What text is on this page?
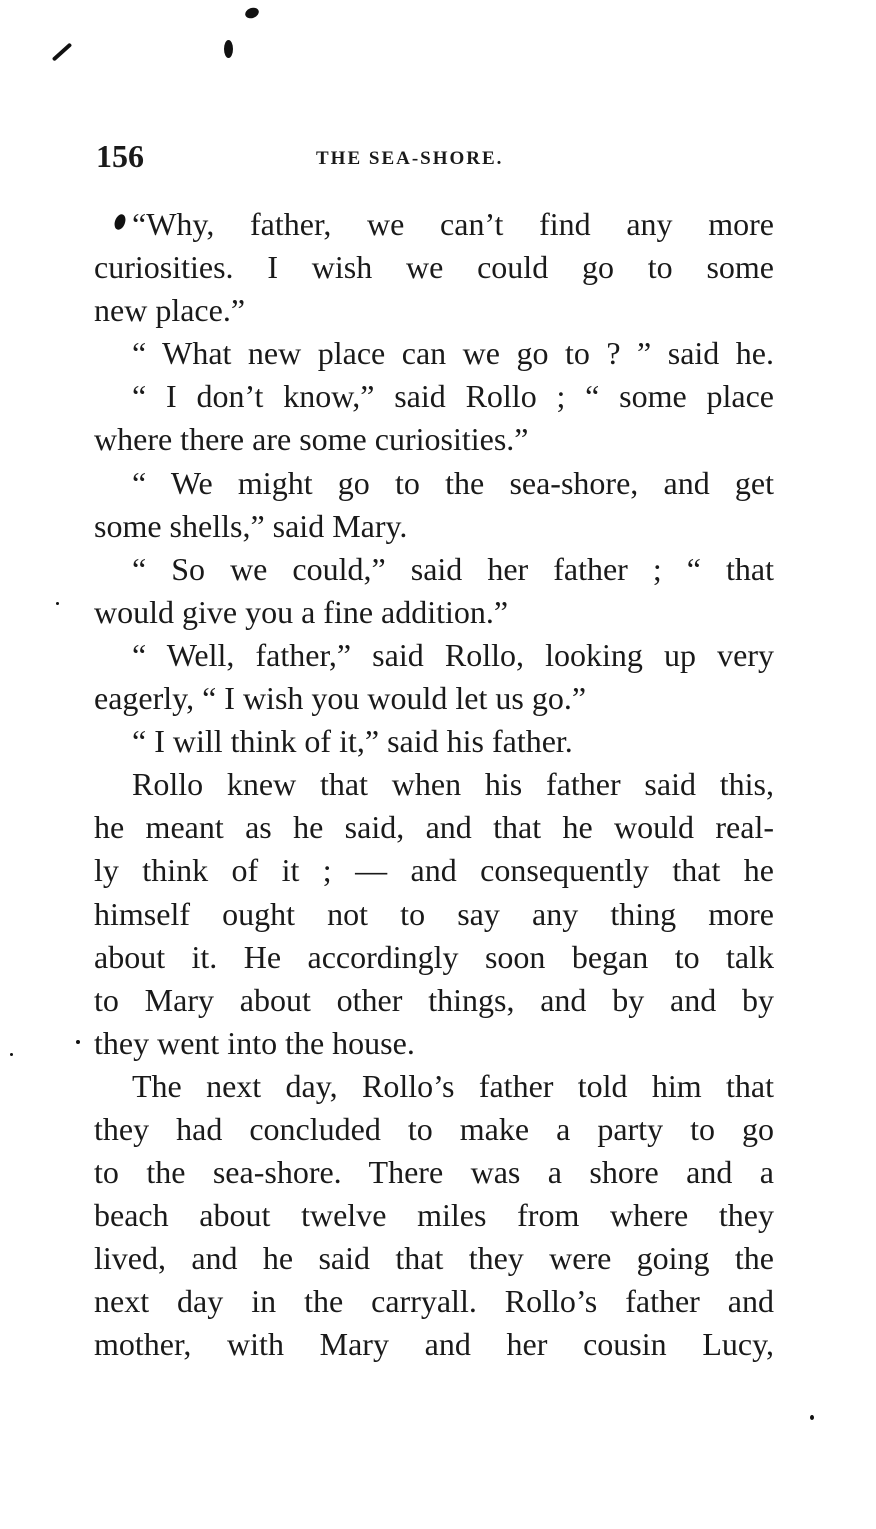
156	THE SEA-SHORE.
“Why, father, we can’t find any more
curiosities. I wish we could go to some
new place.”
“ What new place can we go to ? ” said he.
“ I don’t know,” said Rollo ; “ some place
where there are some curiosities.”
“ We might go to the sea-shore, and get
some shells,” said Mary.
“ So we could,” said her father ; “ that
would give you a fine addition.”
“ Well, father,” said Rollo, looking up very
eagerly, “ I wish you would let us go.”
“ I will think of it,” said his father.
Rollo knew that when his father said this,
he meant as he said, and that he would real-
ly think of it ; — and consequently that he
himself ought not to say any thing more
about it. He accordingly soon began to talk
to Mary about other things, and by and by
they went into the house.
The next day, Rollo’s father told him that
they had concluded to make a party to go
to the sea-shore. There was a shore and a
beach about twelve miles from where they
lived, and he said that they were going the
next day in the carryall. Rollo’s father and
mother, with Mary and her cousin Lucy,
